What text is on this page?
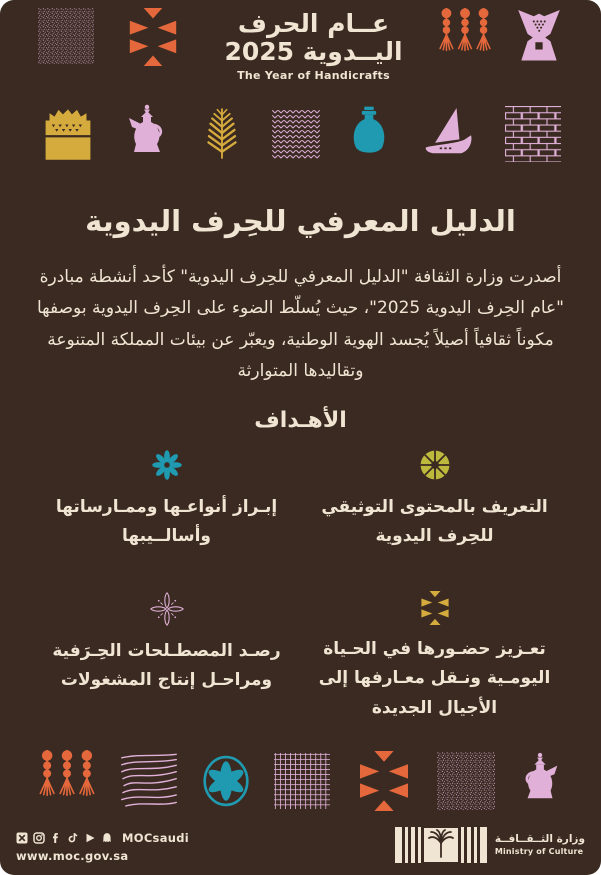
عــام الحرف
اليــدوية 2025
The Year of Handicrafts
الدليل المعرفي للحِرف اليدوية

أصدرت وزارة الثقافة "الدليل المعرفي للحِرف اليدوية" كأحد أنشطة مبادرة "عام الحِرف اليدوية 2025"، حيث يُسلّط الضوء على الحِرف اليدوية بوصفها مكوناً ثقافياً أصيلاً يُجسد الهوية الوطنية، ويعبّر عن بيئات المملكة المتنوعة وتقاليدها المتوارثة

الأهـداف

التعريف بالمحتوى التوثيقي للحِرف اليدوية

إبـراز أنواعـها وممـارساتها وأسالــيبها

تعـزيز حضـورها في الحـياة اليومـية ونـقل معـارفها إلى الأجيال الجديدة

رصـد المصطـلحات الحِـرَفية ومراحـل إنتاج المشغولات

MOCsaudi
www.moc.gov.sa
وزارة الثــقــافــة
Ministry of Culture
